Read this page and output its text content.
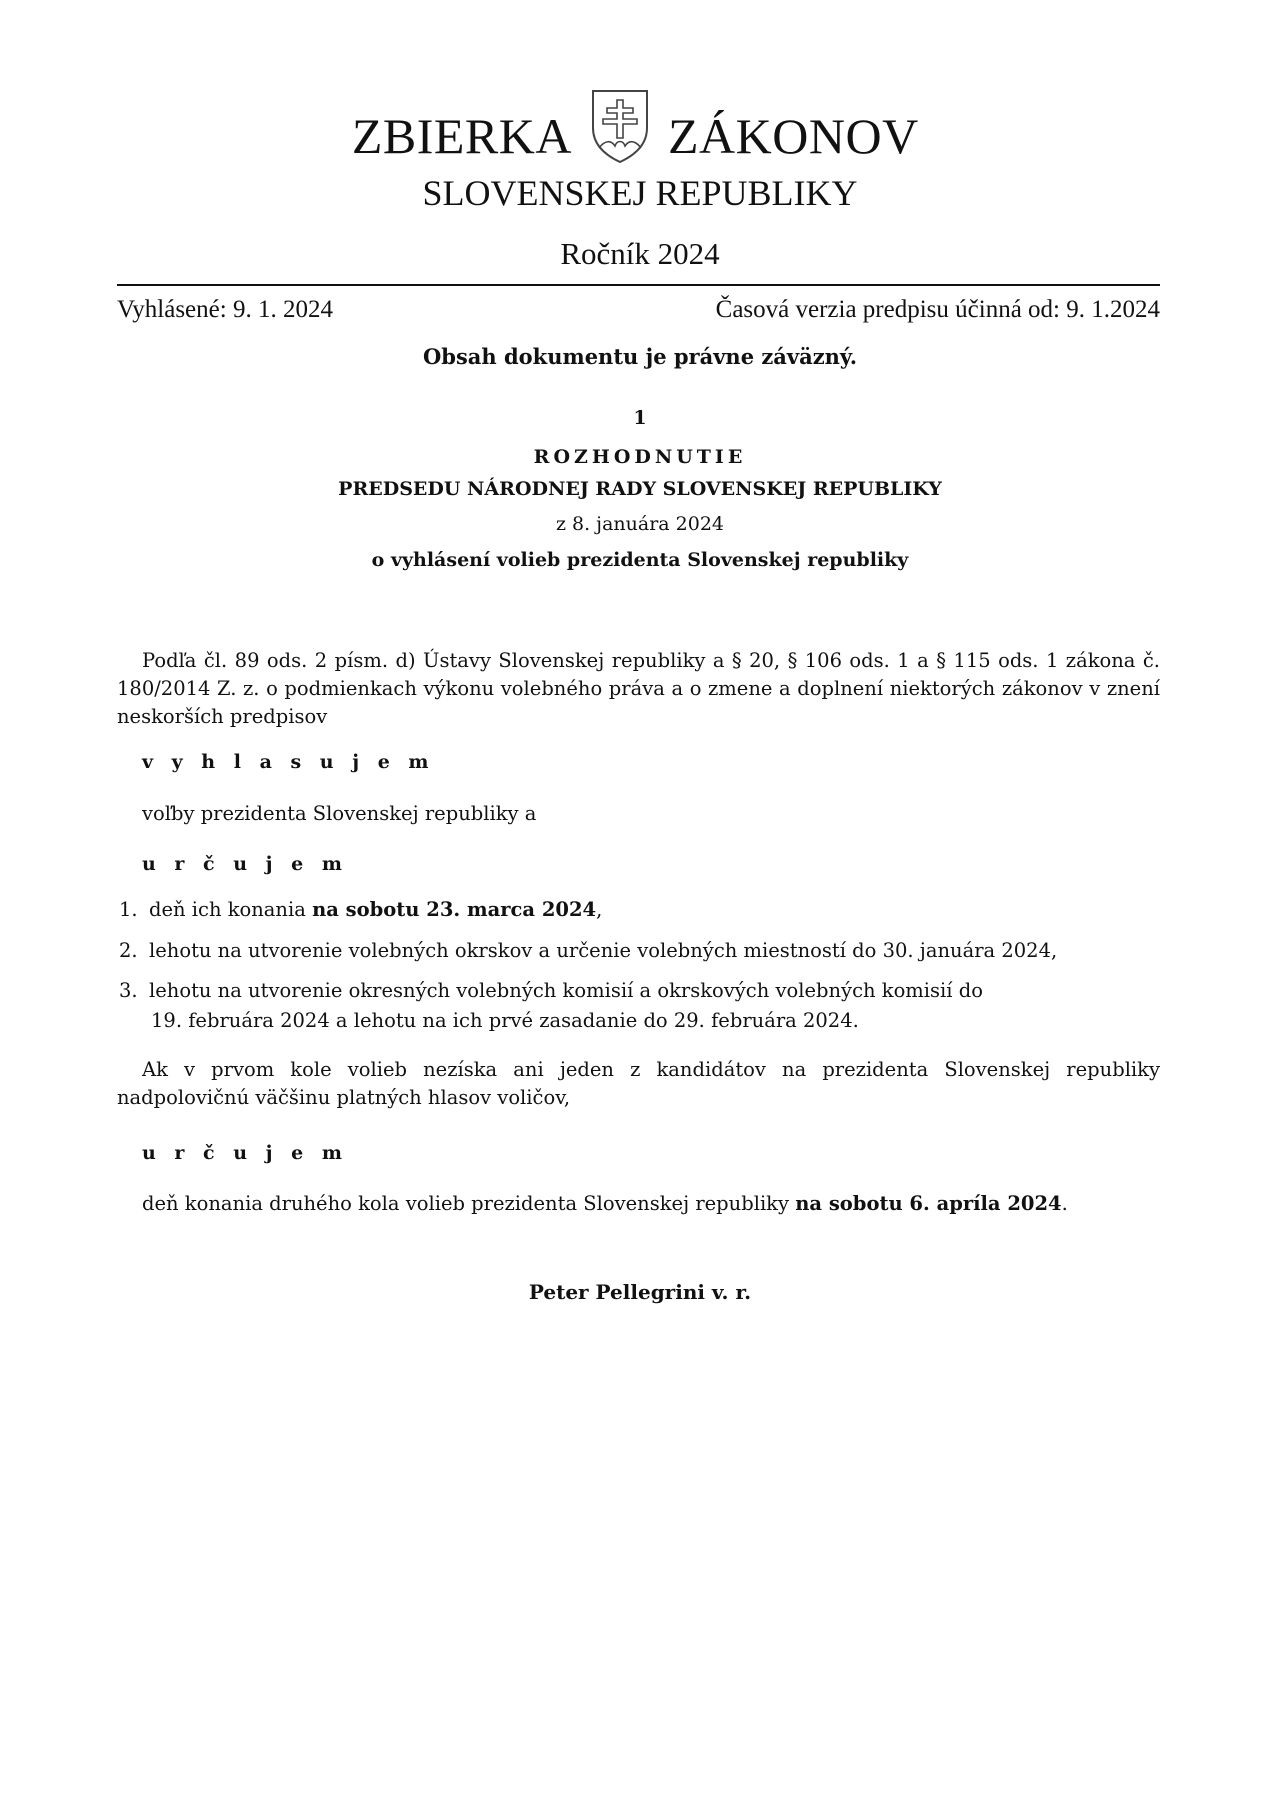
ZBIERKA ZÁKONOV
SLOVENSKEJ REPUBLIKY
Ročník 2024
Vyhlásené: 9. 1. 2024	Časová verzia predpisu účinná od: 9. 1.2024
Obsah dokumentu je právne záväzný.
1
ROZHODNUTIE
PREDSEDU NÁRODNEJ RADY SLOVENSKEJ REPUBLIKY
z 8. januára 2024
o vyhlásení volieb prezidenta Slovenskej republiky
Podľa čl. 89 ods. 2 písm. d) Ústavy Slovenskej republiky a § 20, § 106 ods. 1 a § 115 ods. 1 zákona č. 180/2014 Z. z. o podmienkach výkonu volebného práva a o zmene a doplnení niektorých zákonov v znení neskorších predpisov
v y h l a s u j e m
voľby prezidenta Slovenskej republiky a
u r č u j e m
1. deň ich konania na sobotu 23. marca 2024,
2. lehotu na utvorenie volebných okrskov a určenie volebných miestností do 30. januára 2024,
3. lehotu na utvorenie okresných volebných komisií a okrskových volebných komisií do
19. februára 2024 a lehotu na ich prvé zasadanie do 29. februára 2024.
Ak v prvom kole volieb nezíska ani jeden z kandidátov na prezidenta Slovenskej republiky nadpolovičnú väčšinu platných hlasov voličov,
u r č u j e m
deň konania druhého kola volieb prezidenta Slovenskej republiky na sobotu 6. apríla 2024.
Peter Pellegrini v. r.
